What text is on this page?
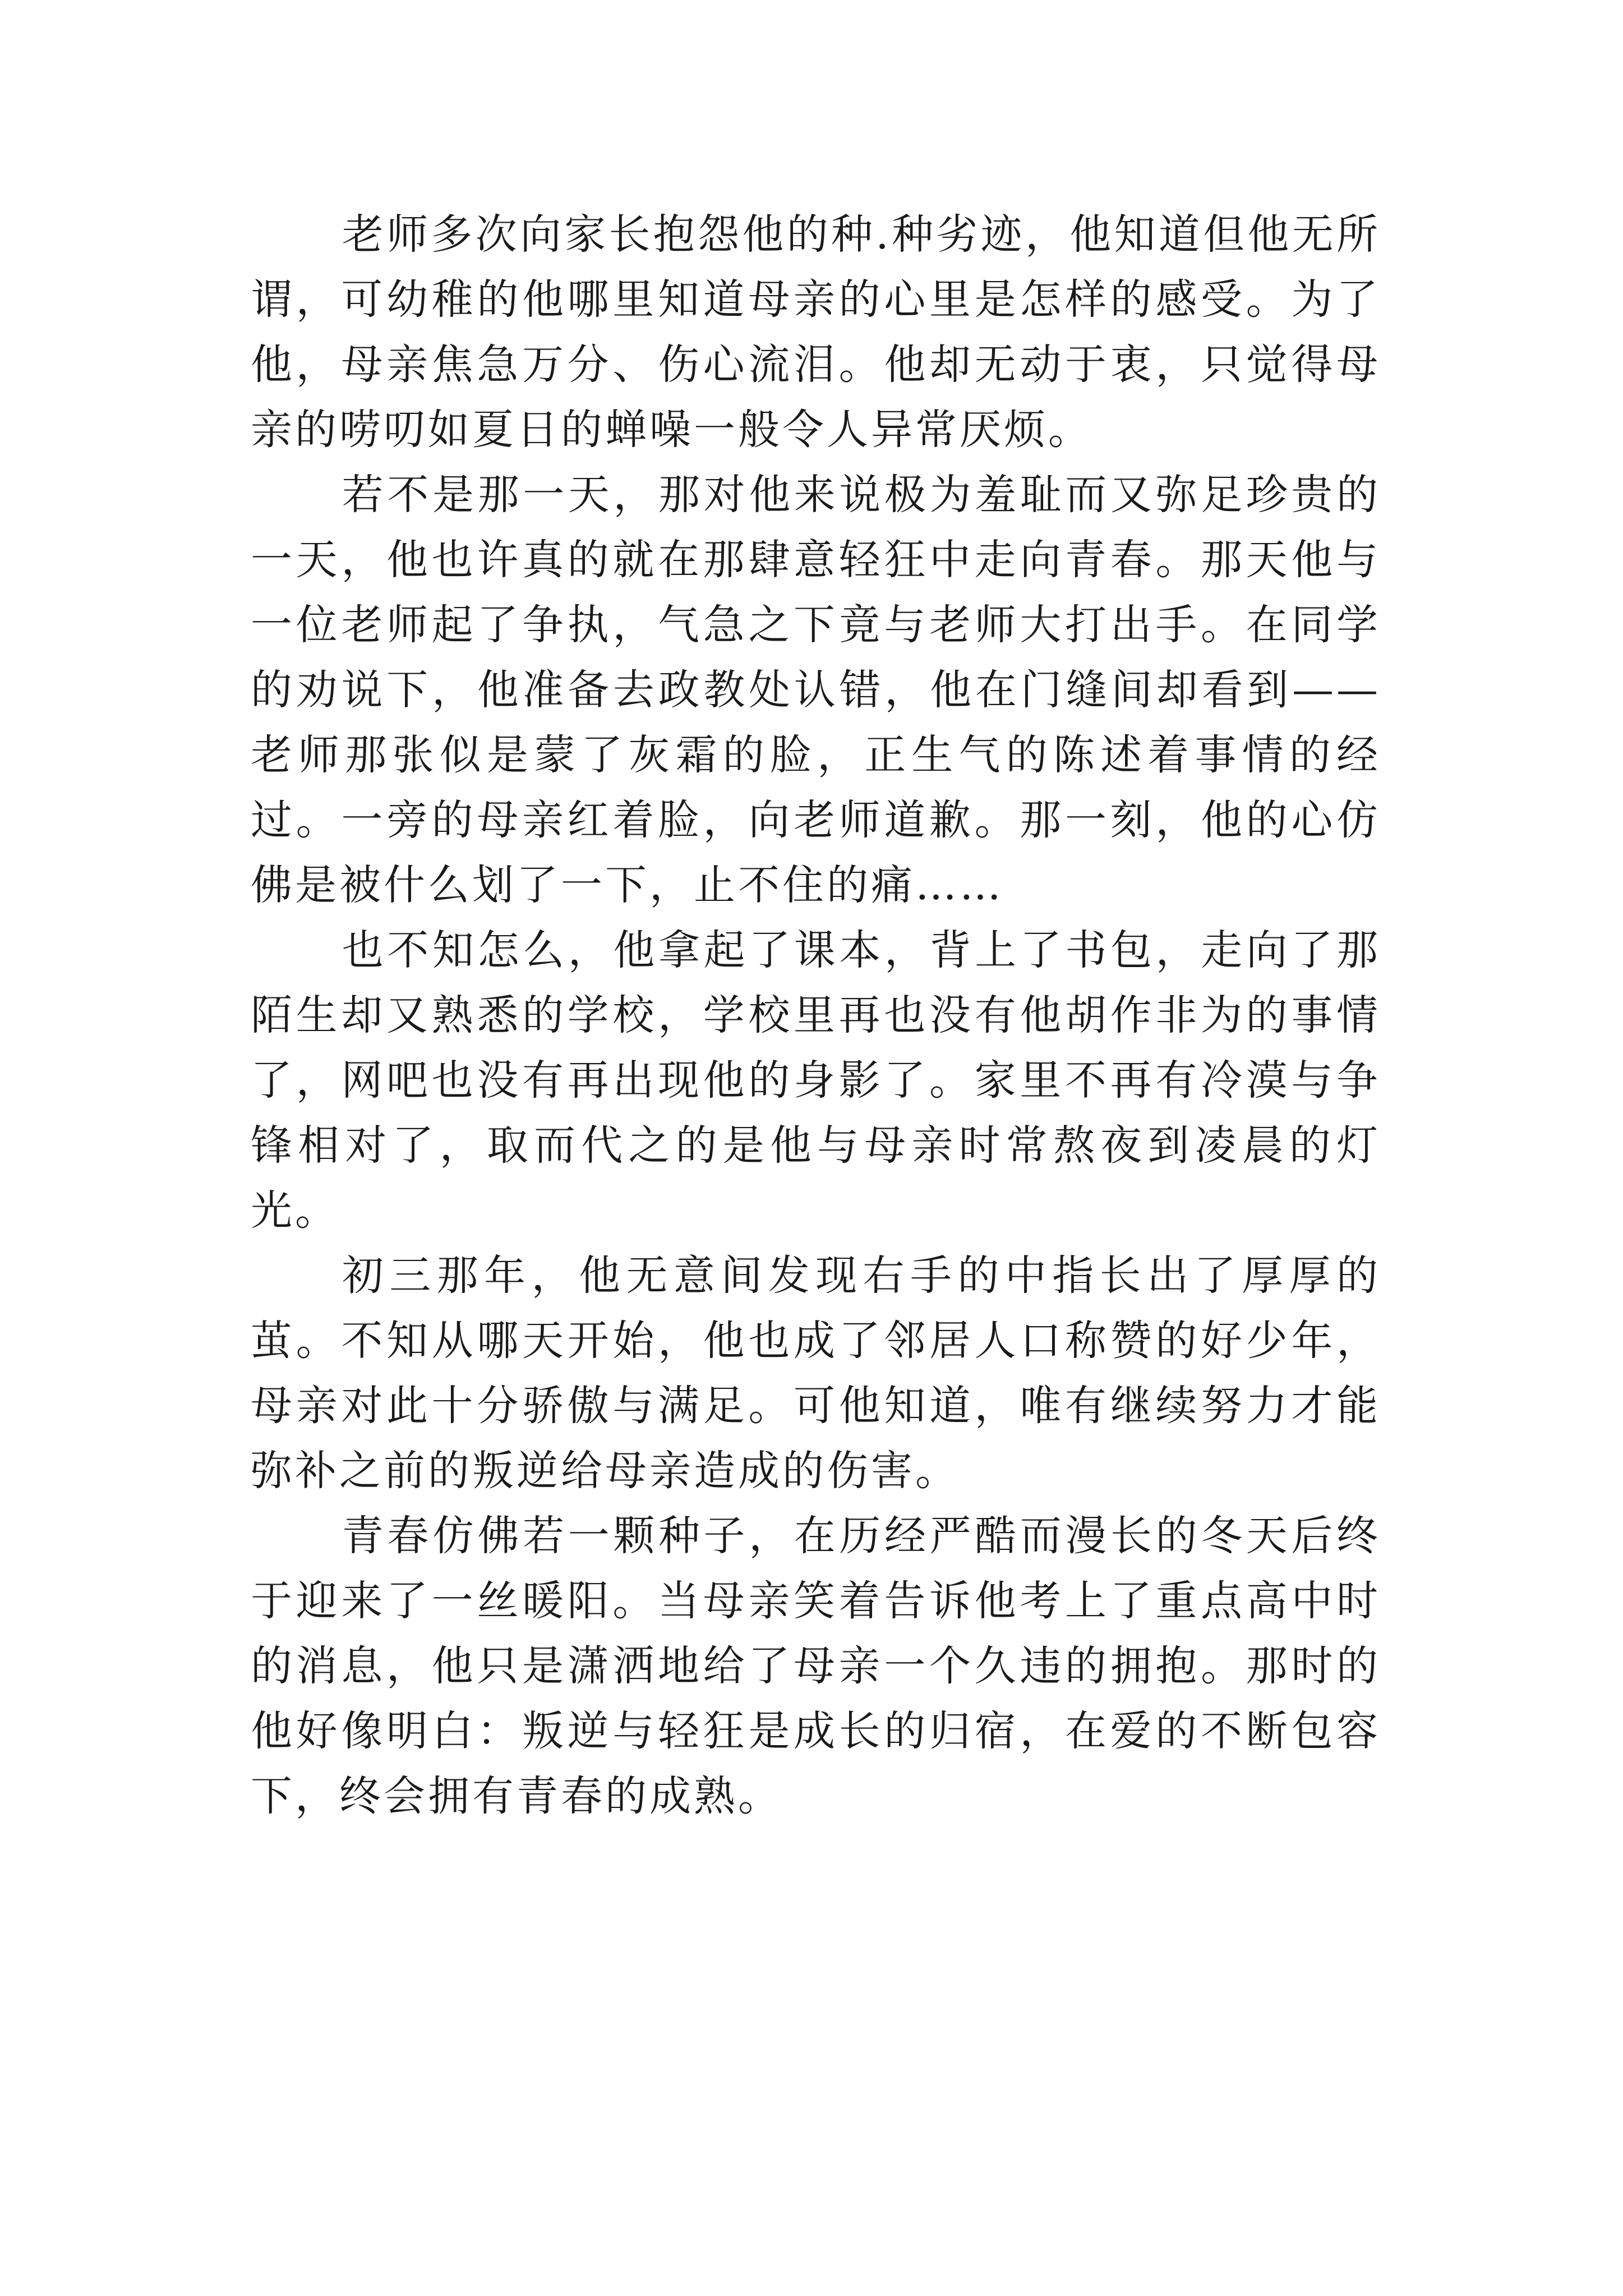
老师多次向家长抱怨他的种.种劣迹，他知道但他无所谓，可幼稚的他哪里知道母亲的心里是怎样的感受。为了他，母亲焦急万分、伤心流泪。他却无动于衷，只觉得母亲的唠叨如夏日的蝉噪一般令人异常厌烦。

若不是那一天，那对他来说极为羞耻而又弥足珍贵的一天，他也许真的就在那肆意轻狂中走向青春。那天他与一位老师起了争执，气急之下竟与老师大打出手。在同学的劝说下，他准备去政教处认错，他在门缝间却看到——老师那张似是蒙了灰霜的脸，正生气的陈述着事情的经过。一旁的母亲红着脸，向老师道歉。那一刻，他的心仿佛是被什么划了一下，止不住的痛……

也不知怎么，他拿起了课本，背上了书包，走向了那陌生却又熟悉的学校，学校里再也没有他胡作非为的事情了，网吧也没有再出现他的身影了。家里不再有冷漠与争锋相对了，取而代之的是他与母亲时常熬夜到凌晨的灯光。

初三那年，他无意间发现右手的中指长出了厚厚的茧。不知从哪天开始，他也成了邻居人口称赞的好少年，母亲对此十分骄傲与满足。可他知道，唯有继续努力才能弥补之前的叛逆给母亲造成的伤害。

青春仿佛若一颗种子，在历经严酷而漫长的冬天后终于迎来了一丝暖阳。当母亲笑着告诉他考上了重点高中时的消息，他只是潇洒地给了母亲一个久违的拥抱。那时的他好像明白：叛逆与轻狂是成长的归宿，在爱的不断包容下，终会拥有青春的成熟。
